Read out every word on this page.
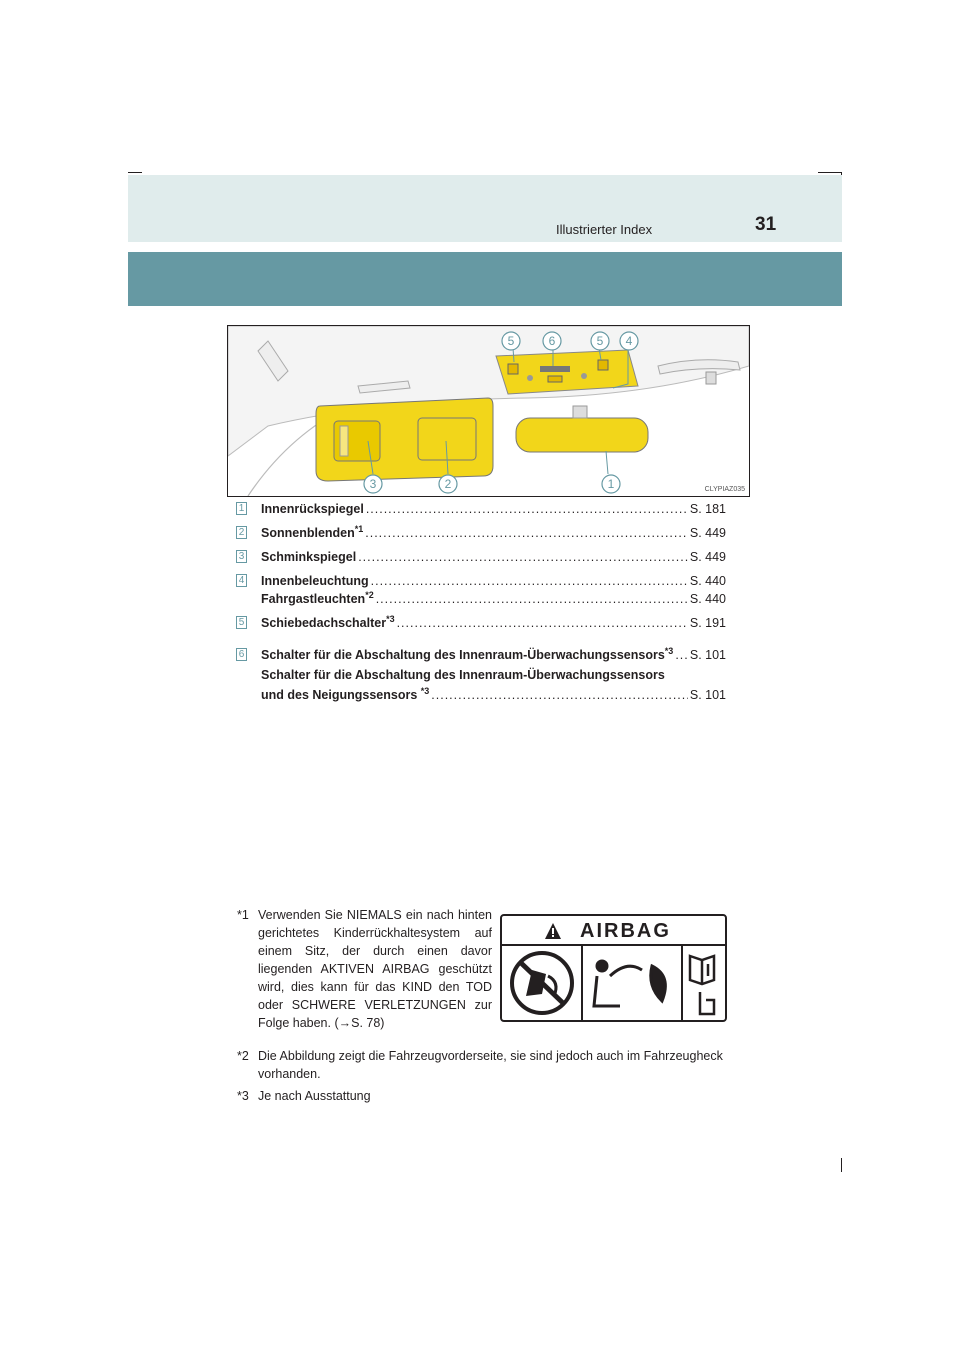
Illustrierter Index	31
5	6	5 4
3	2	1	CLYPIAZ035
1 Innenrückspiegel .....	S. 181
2 Sonnenblenden$^{*1}$ .....	S. 449
3 Schminkspiegel .....	S. 449
4 Innenbeleuchtung .....	S. 440
Fahrgastleuchten$^{*2}$ .....	S. 440
5 Schiebedachschalter$^{*3}$ .....	S. 191
6 Schalter für die Abschaltung des Innenraum-Überwachungssensors$^{*3}$ ..... S. 101
Schalter für die Abschaltung des Innenraum-Überwachungssensors
und des Neigungssensors $^{*3}$ .....	S. 101
*1 Verwenden Sie NIEMALS ein nach hinten gerichtetes Kinderrückhaltesystem auf einem Sitz, der durch einen davor liegenden AKTIVEN AIRBAG geschützt wird, dies kann für das KIND den TOD oder SCHWERE VERLETZUNGEN zur Folge haben. (→S. 78)
AIRBAG
*2 Die Abbildung zeigt die Fahrzeugvorderseite, sie sind jedoch auch im Fahrzeugheck vorhanden.
*3 Je nach Ausstattung
